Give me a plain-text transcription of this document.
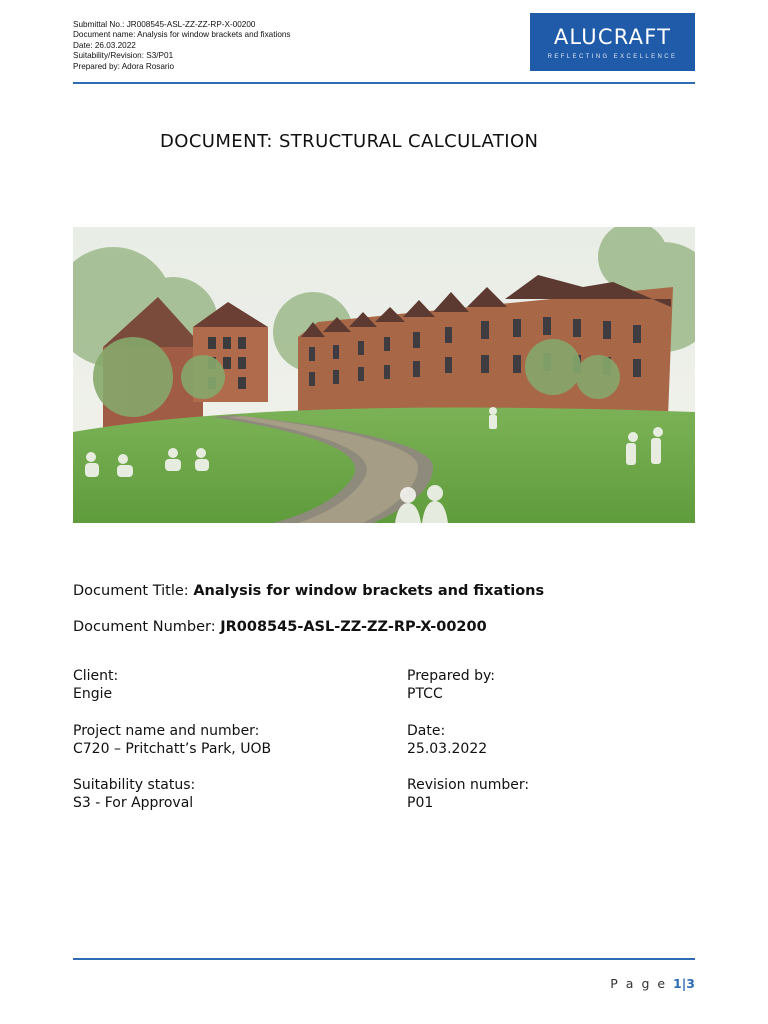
Submittal No.: JR008545-ASL-ZZ-ZZ-RP-X-00200
Document name: Analysis for window brackets and fixations
Date: 26.03.2022
Suitability/Revision: S3/P01
Prepared by: Adora Rosario
ALUCRAFT
REFLECTING EXCELLENCE
DOCUMENT: STRUCTURAL CALCULATION
Document Title: Analysis for window brackets and fixations
Document Number: JR008545-ASL-ZZ-ZZ-RP-X-00200
Client:
Engie
Project name and number:
C720 – Pritchatt’s Park, UOB
Suitability status:
S3 - For Approval
Prepared by:
PTCC
Date:
25.03.2022
Revision number:
P01
P a g e 1|3
